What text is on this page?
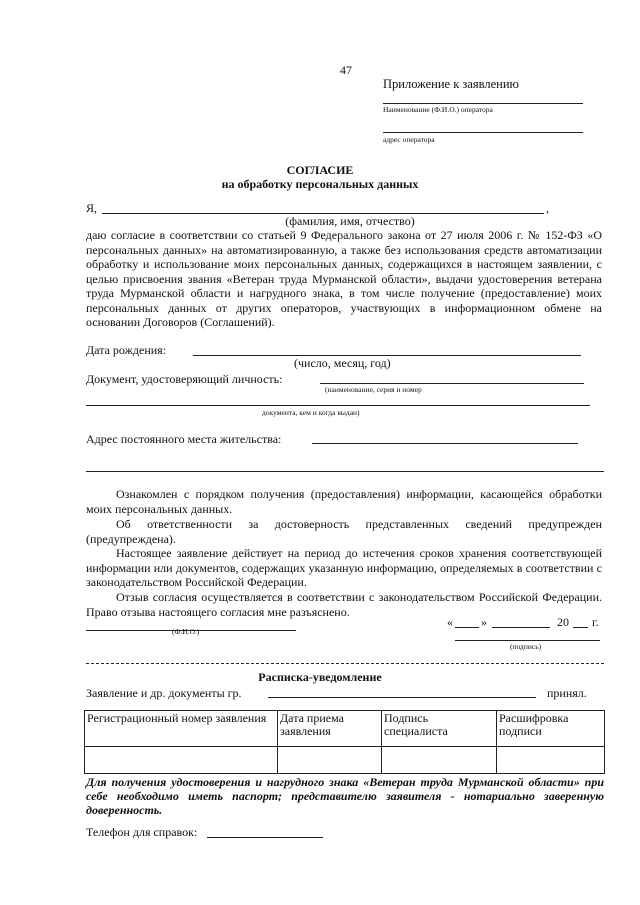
47
Приложение к заявлению
Наименование (Ф.И.О.) оператора
адрес оператора
СОГЛАСИЕ
на обработку персональных данных
Я,	,
(фамилия, имя, отчество)
даю согласие в соответствии со статьей 9 Федерального закона от 27 июля 2006 г. № 152-ФЗ «О персональных данных» на автоматизированную, а также без использования средств автоматизации обработку и использование моих персональных данных, содержащихся в настоящем заявлении, с целью присвоения звания «Ветеран труда Мурманской области», выдачи удостоверения ветерана труда Мурманской области и нагрудного знака, в том числе получение (предоставление) моих персональных данных от других операторов, участвующих в информационном обмене на основании Договоров (Соглашений).
Дата рождения:
(число, месяц, год)
Документ, удостоверяющий личность:
(наименование, серия и номер
документа, кем и когда выдан)
Адрес постоянного места жительства:
Ознакомлен с порядком получения (предоставления) информации, касающейся обработки моих персональных данных.
Об ответственности за достоверность представленных сведений предупрежден (предупреждена).
Настоящее заявление действует на период до истечения сроков хранения соответствующей информации или документов, содержащих указанную информацию, определяемых в соответствии с законодательством Российской Федерации.
Отзыв согласия осуществляется в соответствии с законодательством Российской Федерации. Право отзыва настоящего согласия мне разъяснено.
(Ф.И.О.)
« »	20 г.
(подпись)
Расписка-уведомление
Заявление и др. документы гр.	принял.
Регистрационный номер заявления	Дата приема заявления	Подпись специалиста	Расшифровка подписи

Для получения удостоверения и нагрудного знака «Ветеран труда Мурманской области» при себе необходимо иметь паспорт; представителю заявителя - нотариально заверенную доверенность.
Телефон для справок:
